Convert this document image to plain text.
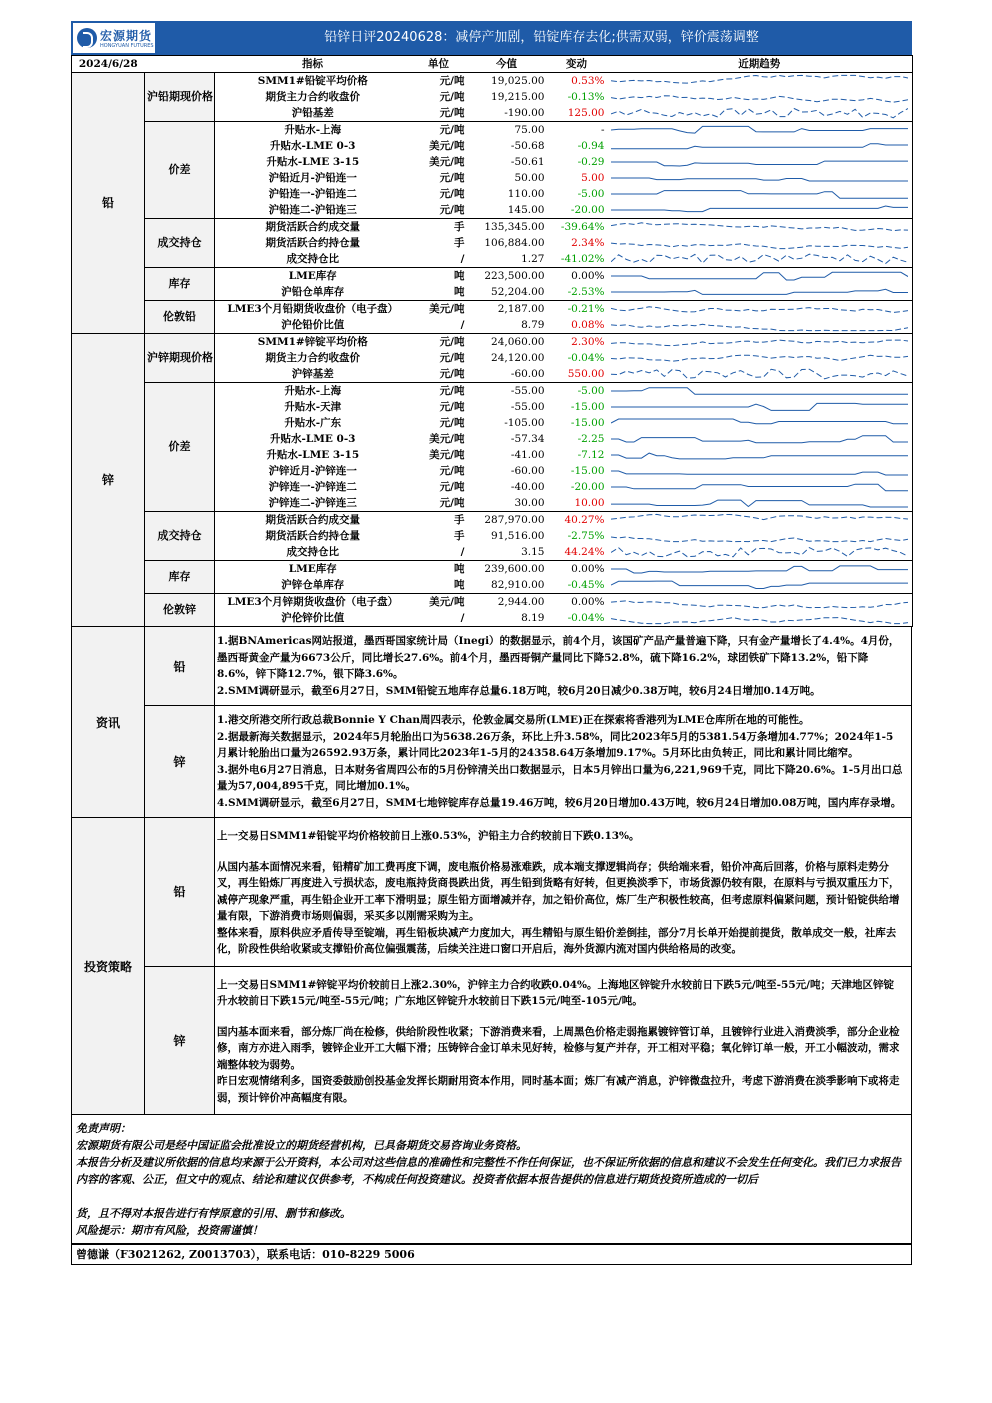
宏源期货
HONGYUAN FUTURES
铅锌日评20240628：减停产加剧，铅锭库存去化;供需双弱，锌价震荡调整
2024/6/28		指标	单位	今值	变动	近期趋势
铅	沪铅期现价格	SMM1#铅锭平均价格	元/吨	19,025.00	0.53%	

		期货主力合约收盘价	元/吨	19,215.00	-0.13%	

		沪铅基差	元/吨	-190.00	125.00	

	价差	升贴水-上海	元/吨	75.00	-	

		升贴水-LME 0-3	美元/吨	-50.68	-0.94	

		升贴水-LME 3-15	美元/吨	-50.61	-0.29	

		沪铅近月-沪铅连一	元/吨	50.00	5.00	

		沪铅连一-沪铅连二	元/吨	110.00	-5.00	

		沪铅连二-沪铅连三	元/吨	145.00	-20.00	

	成交持仓	期货活跃合约成交量	手	135,345.00	-39.64%	

		期货活跃合约持仓量	手	106,884.00	2.34%	

		成交持仓比	/	1.27	-41.02%	

	库存	LME库存	吨	223,500.00	0.00%	

		沪铅仓单库存	吨	52,204.00	-2.53%	

	伦敦铅	LME3个月铅期货收盘价（电子盘）	美元/吨	2,187.00	-0.21%	

		沪伦铅价比值	/	8.79	0.08%	

锌	沪锌期现价格	SMM1#锌锭平均价格	元/吨	24,060.00	2.30%	

		期货主力合约收盘价	元/吨	24,120.00	-0.04%	

		沪锌基差	元/吨	-60.00	550.00	

	价差	升贴水-上海	元/吨	-55.00	-5.00	

		升贴水-天津	元/吨	-55.00	-15.00	

		升贴水-广东	元/吨	-105.00	-15.00	

		升贴水-LME 0-3	美元/吨	-57.34	-2.25	

		升贴水-LME 3-15	美元/吨	-41.00	-7.12	

		沪锌近月-沪锌连一	元/吨	-60.00	-15.00	

		沪锌连一-沪锌连二	元/吨	-40.00	-20.00	

		沪锌连二-沪锌连三	元/吨	30.00	10.00	

	成交持仓	期货活跃合约成交量	手	287,970.00	40.27%	

		期货活跃合约持仓量	手	91,516.00	-2.75%	

		成交持仓比	/	3.15	44.24%	

	库存	LME库存	吨	239,600.00	0.00%	

		沪锌仓单库存	吨	82,910.00	-0.45%	

	伦敦锌	LME3个月锌期货收盘价（电子盘）	美元/吨	2,944.00	0.00%	

		沪伦锌价比值	/	8.19	-0.04%	
资讯	铅	1.据BNAmericas网站报道，墨西哥国家统计局（Inegi）的数据显示，前4个月，该国矿产品产量普遍下降，只有金产量增长了4.4%。4月份，墨西哥黄金产量为6673公斤，同比增长27.6%。前4个月，墨西哥铜产量同比下降52.8%，硫下降16.2%，球团铁矿下降13.2%，铅下降8.6%，锌下降12.7%，银下降3.6%。

2.SMM调研显示，截至6月27日，SMM铅锭五地库存总量6.18万吨，较6月20日减少0.38万吨，较6月24日增加0.14万吨。

	锌	1.港交所港交所行政总裁Bonnie Y Chan周四表示，伦敦金属交易所(LME)正在探索将香港列为LME仓库所在地的可能性。

2.据最新海关数据显示，2024年5月轮胎出口为5638.26万条，环比上升3.58%，同比2023年5月的5381.54万条增加4.77%；2024年1-5月累计轮胎出口量为26592.93万条，累计同比2023年1-5月的24358.64万条增加9.17%。5月环比由负转正，同比和累计同比缩窄。

3.据外电6月27日消息，日本财务省周四公布的5月份锌清关出口数据显示，日本5月锌出口量为6,221,969千克，同比下降20.6%。1-5月出口总量为57,004,895千克，同比增加0.1%。

4.SMM调研显示，截至6月27日，SMM七地锌锭库存总量19.46万吨，较6月20日增加0.43万吨，较6月24日增加0.08万吨，国内库存录增。

投资策略	铅	上一交易日SMM1#铅锭平均价格较前日上涨0.53%，沪铅主力合约较前日下跌0.13%。

从国内基本面情况来看，铅精矿加工费再度下调，废电瓶价格易涨难跌，成本端支撑逻辑尚存；供给端来看，铅价冲高后回落，价格与原料走势分叉，再生铅炼厂再度进入亏损状态，废电瓶持货商畏跌出货，再生铅到货略有好转，但更换淡季下，市场货源仍较有限，在原料与亏损双重压力下，减停产现象严重，再生铅企业开工率下滑明显；原生铅方面增减并存，加之铅价高位，炼厂生产积极性较高，但考虑原料偏紧问题，预计铅锭供给增量有限，下游消费市场则偏弱，采买多以刚需采购为主。

整体来看，原料供应矛盾传导至锭端，再生铅板块减产力度加大，再生精铅与原生铅价差倒挂，部分7月长单开始提前提货，散单成交一般，社库去化，阶段性供给收紧或支撑铅价高位偏强震荡，后续关注进口窗口开启后，海外货源内流对国内供给格局的改变。

	锌	上一交易日SMM1#锌锭平均价较前日上涨2.30%，沪锌主力合约收跌0.04%。上海地区锌锭升水较前日下跌5元/吨至-55元/吨；天津地区锌锭升水较前日下跌15元/吨至-55元/吨；广东地区锌锭升水较前日下跌15元/吨至-105元/吨。

国内基本面来看，部分炼厂尚在检修，供给阶段性收紧；下游消费来看，上周黑色价格走弱拖累镀锌管订单，且镀锌行业进入消费淡季，部分企业检修，南方亦进入雨季，镀锌企业开工大幅下滑；压铸锌合金订单未见好转，检修与复产并存，开工相对平稳；氧化锌订单一般，开工小幅波动，需求端整体较为弱势。

昨日宏观情绪利多，国资委鼓励创投基金发挥长期耐用资本作用，同时基本面；炼厂有减产消息，沪锌微盘拉升，考虑下游消费在淡季影响下或将走弱，预计锌价冲高幅度有限。

免责声明：

宏源期货有限公司是经中国证监会批准设立的期货经营机构，已具备期货交易咨询业务资格。

本报告分析及建议所依据的信息均来源于公开资料，本公司对这些信息的准确性和完整性不作任何保证，也不保证所依据的信息和建议不会发生任何变化。我们已力求报告内容的客观、公正，但文中的观点、结论和建议仅供参考，不构成任何投资建议。投资者依据本报告提供的信息进行期货投资所造成的一切后

货，且不得对本报告进行有悖原意的引用、删节和修改。

风险提示：期市有风险，投资需谨慎！

曾德谦（F3021262, Z0013703），联系电话：010-8229 5006
